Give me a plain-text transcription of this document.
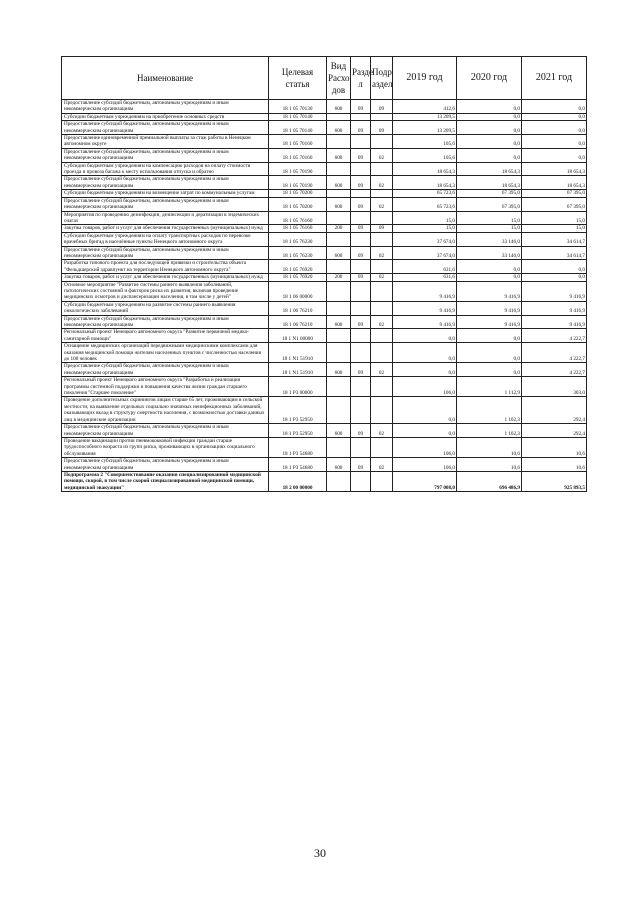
Наименование	Целевая статья	Вид Расхо дов	Разде л	Подр аздел	2019 год	2020 год	2021 год
Предоставление субсидий бюджетным, автономным учреждениям и иным некоммерческим организациям	18 1 05 70130	600	09	09	412,6	0,0	0,0
Субсидии бюджетным учреждениям на приобретение основных средств	18 1 05 70140				13 209,5	0,0	0,0
Предоставление субсидий бюджетным, автономным учреждениям и иным некоммерческим организациям	18 1 05 70140	600	09	09	13 209,5	0,0	0,0
Предоставление единовременной премиальной выплаты за стаж работы в Ненецком автономном округе	18 1 05 70160				105,6	0,0	0,0
Предоставление субсидий бюджетным, автономным учреждениям и иным некоммерческим организациям	18 1 05 70160	600	09	02	105,6	0,0	0,0
Субсидии бюджетным учреждениям на компенсацию расходов на оплату стоимости проезда и провоза багажа к месту использования отпуска и обратно	18 1 05 70190				18 654,3	18 654,3	18 654,3
Предоставление субсидий бюджетным, автономным учреждениям и иным некоммерческим организациям	18 1 05 70190	600	09	02	18 654,3	18 654,3	18 654,3
Субсидии бюджетным учреждениям на возмещение затрат по коммунальным услугам	18 1 05 70200				65 723,6	67 395,0	67 395,0
Предоставление субсидий бюджетным, автономным учреждениям и иным некоммерческим организациям	18 1 05 70200	600	09	02	65 723,6	67 395,0	67 395,0
Мероприятия по проведению дезинфекции, дезинсекции и дератизации в эндемических очагах	18 1 05 76160				15,0	15,0	15,0
Закупка товаров, работ и услуг для обеспечения государственных (муниципальных) нужд	18 1 05 76160	200	09	09	15,0	15,0	15,0
Субсидии бюджетным учреждениям на оплату транспортных расходов по перевозке врачебных бригад в населённые пункты Ненецкого автономного округа	18 1 05 76230				37 674,0	33 146,0	34 614,7
Предоставление субсидий бюджетным, автономным учреждениям и иным некоммерческим организациям	18 1 05 76230	600	09	02	37 674,0	33 146,0	34 614,7
Разработка типового проекта для последующей привязки и строительства объекта "Фельдшерский здравпункт на территории Ненецкого автономного округа"	18 1 05 76920				631,6	0,0	0,0
Закупка товаров, работ и услуг для обеспечения государственных (муниципальных) нужд	18 1 05 76920	200	09	02	631,6	0,0	0,0
Основное мероприятие "Развитие системы раннего выявления заболеваний, патологических состояний и факторов риска их развития, включая проведение медицинских осмотров и диспансеризации населения, в том числе у детей"	18 1 06 00000				9 416,9	9 416,9	9 416,9
Субсидии бюджетным учреждениям на развитие системы раннего выявления онкологических заболеваний	18 1 06 76210				9 416,9	9 416,9	9 416,9
Предоставление субсидий бюджетным, автономным учреждениям и иным некоммерческим организациям	18 1 06 76210	600	09	02	9 416,9	9 416,9	9 416,9
Региональный проект Ненецкого автономного округа "Развитие первичной медико-санитарной помощи"	18 1 N1 00000				0,0	0,0	4 222,7
Оснащение медицинских организаций передвижными медицинскими комплексами для оказания медицинской помощи жителям населенных пунктов с численностью населения до 100 человек	18 1 N1 51910				0,0	0,0	4 222,7
Предоставление субсидий бюджетным, автономным учреждениям и иным некоммерческим организациям	18 1 N1 51910	600	09	02	0,0	0,0	4 222,7
Региональный проект Ненецкого автономного округа "Разработка и реализация программы системной поддержки и повышения качества жизни граждан старшего поколения "Старшее поколение"	18 1 P3 00000				106,0	1 112,9	303,0
Проведение дополнительных скринингов лицам старше 65 лет, проживающим в сельской местности, на выявление отдельных социально значимых неинфекционных заболеваний, оказывающих вклад в структуру смертности населения, с возможностью доставки данных лиц в медицинские организации	18 1 P3 52950				0,0	1 102,3	292,4
Предоставление субсидий бюджетным, автономным учреждениям и иным некоммерческим организациям	18 1 P3 52950	600	09	02	0,0	1 102,3	292,4
Проведение вакцинации против пневмококковой инфекции граждан старше трудоспособного возраста из групп риска, проживающих в организациях социального обслуживания	18 1 P3 54680				106,0	10,6	10,6
Предоставление субсидий бюджетным, автономным учреждениям и иным некоммерческим организациям	18 1 P3 54680	600	09	02	106,0	10,6	10,6
Подпрограмма 2 "Совершенствование оказания специализированной медицинской помощи, скорой, в том числе скорой специализированной медицинской помощи, медицинской эвакуации"	18 2 00 00000				797 008,0	696 486,9	925 893,5
30
